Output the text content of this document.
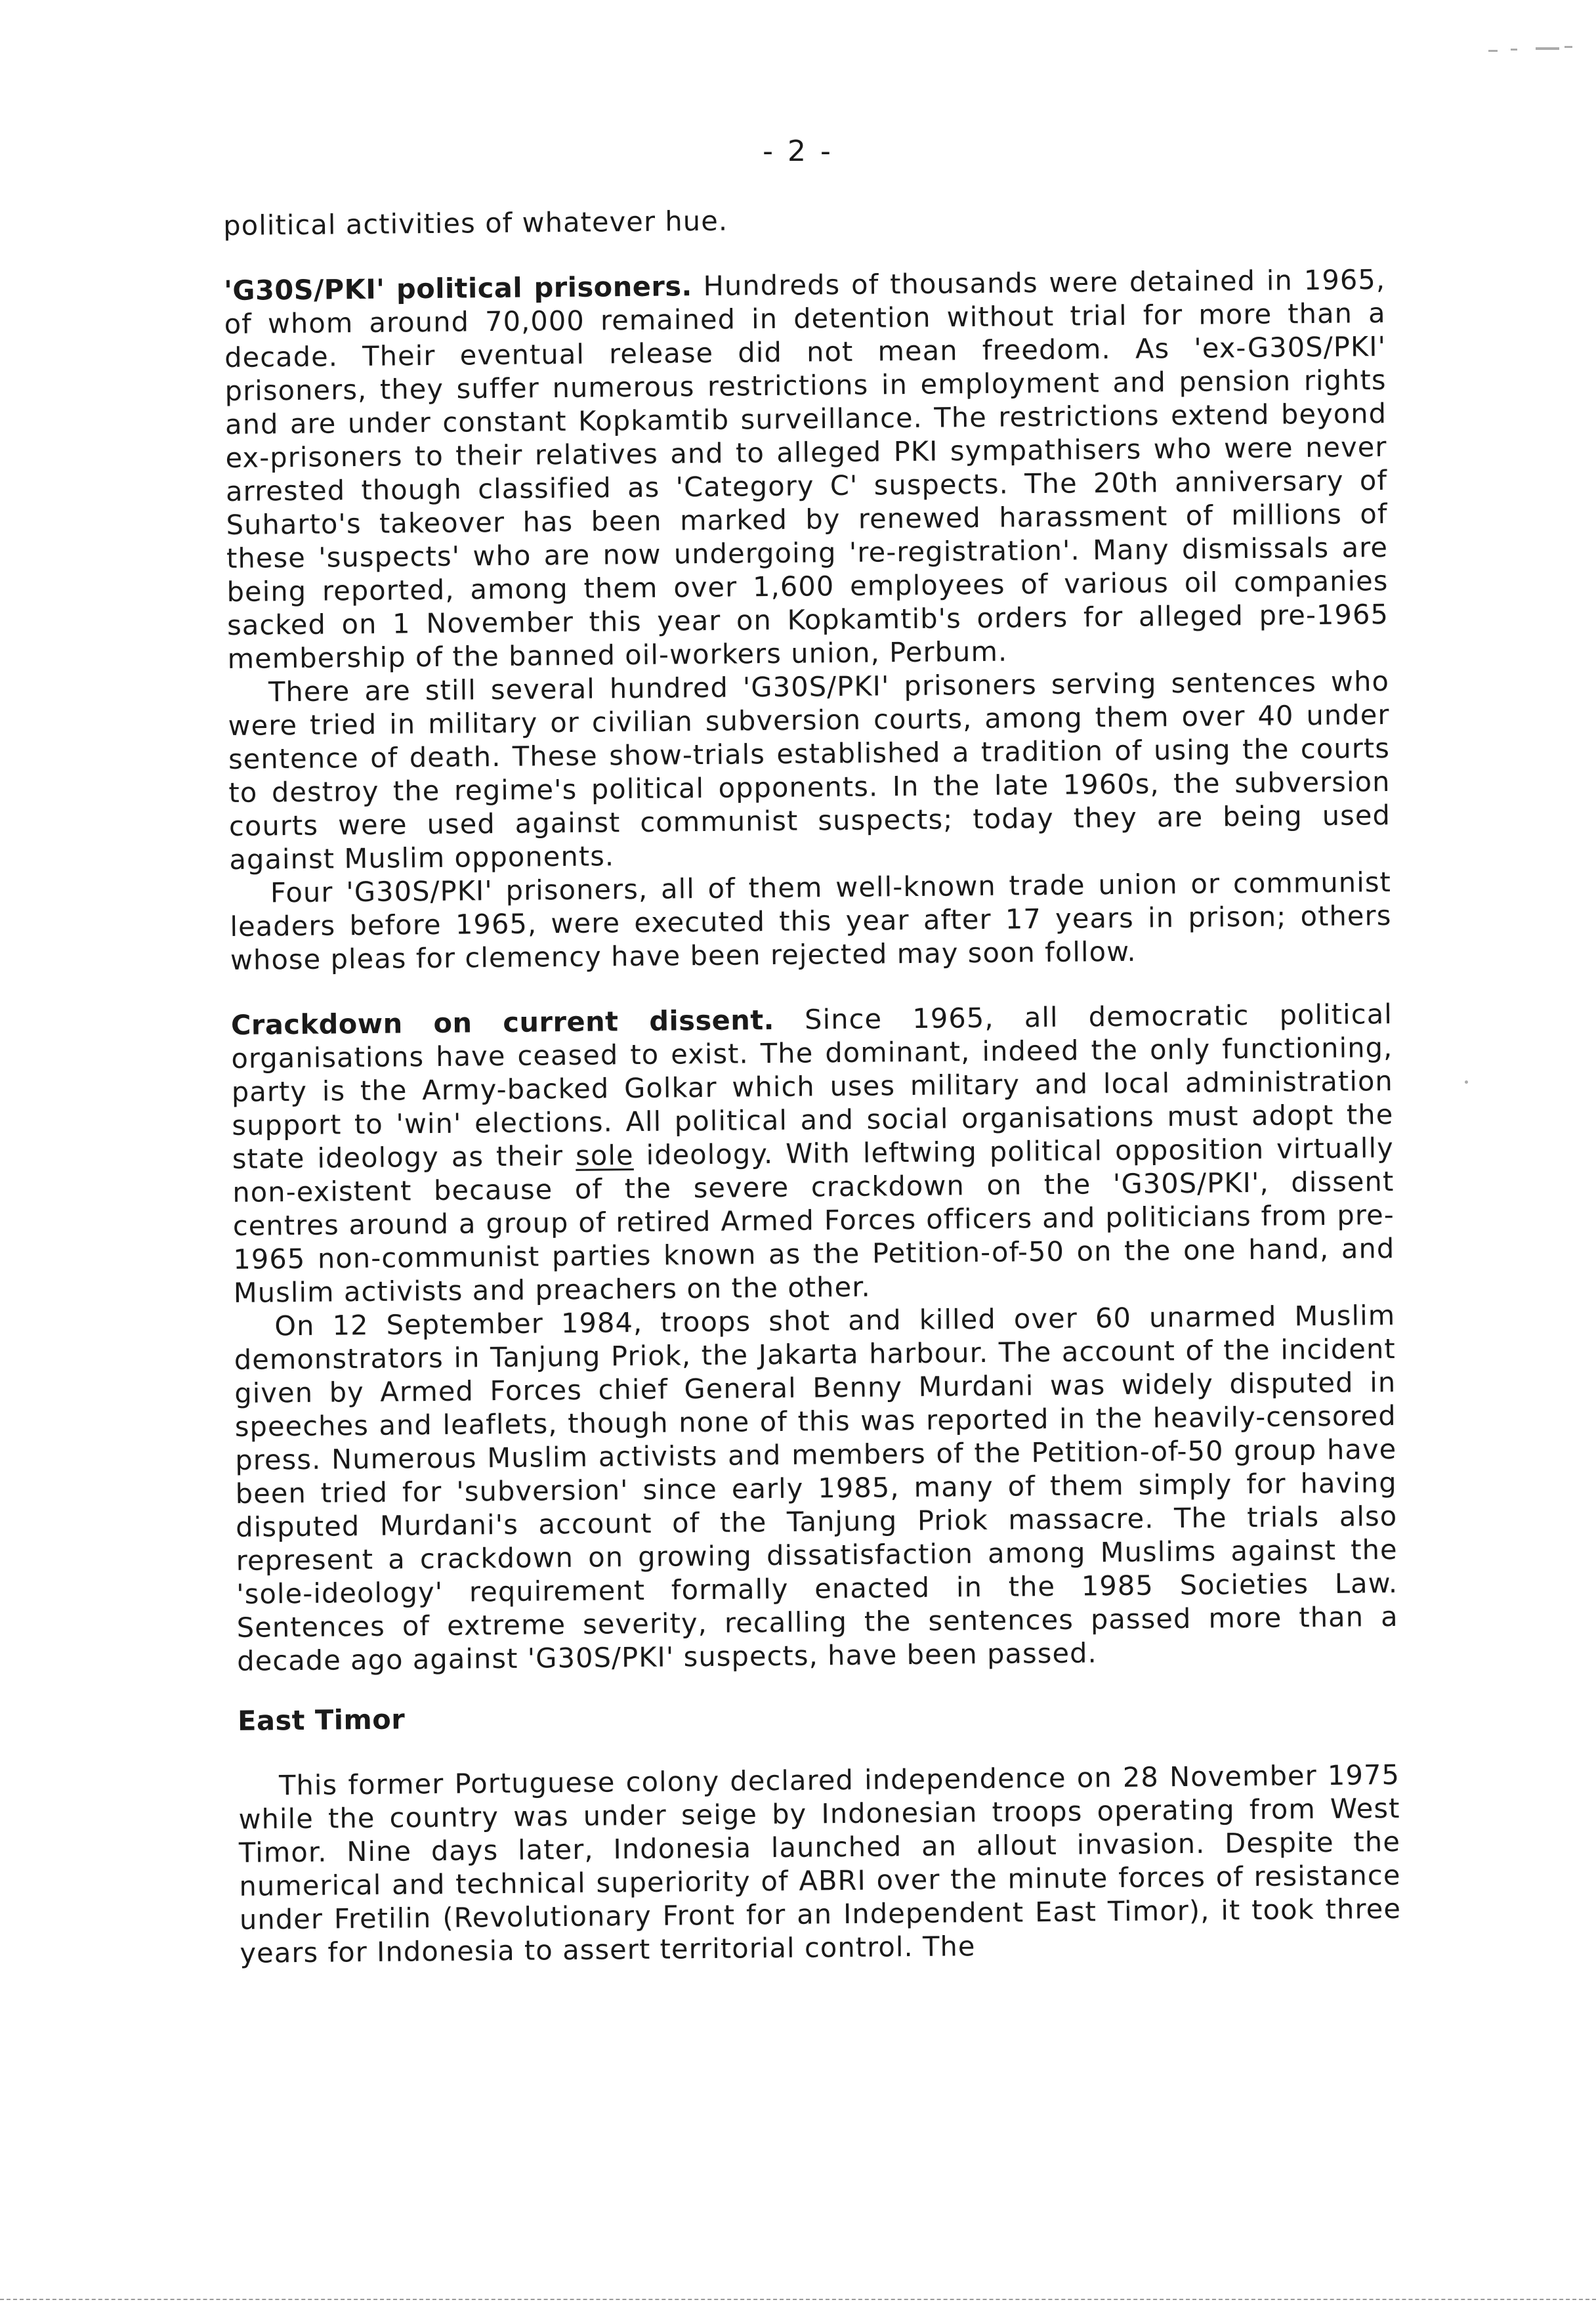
- 2 -

political activities of whatever hue.

'G30S/PKI' political prisoners. Hundreds of thousands were detained in 1965, of whom around 70,000 remained in detention without trial for more than a decade. Their eventual release did not mean freedom. As 'ex-G30S/PKI' prisoners, they suffer numerous restrictions in employment and pension rights and are under constant Kopkamtib surveillance. The restrictions extend beyond ex-prisoners to their relatives and to alleged PKI sympathisers who were never arrested though classified as 'Category C' suspects. The 20th anniversary of Suharto's takeover has been marked by renewed harassment of millions of these 'suspects' who are now undergoing 're-registration'. Many dismissals are being reported, among them over 1,600 employees of various oil companies sacked on 1 November this year on Kopkamtib's orders for alleged pre-1965 membership of the banned oil-workers union, Perbum.

There are still several hundred 'G30S/PKI' prisoners serving sentences who were tried in military or civilian subversion courts, among them over 40 under sentence of death. These show-trials established a tradition of using the courts to destroy the regime's political opponents. In the late 1960s, the subversion courts were used against communist suspects; today they are being used against Muslim opponents.

Four 'G30S/PKI' prisoners, all of them well-known trade union or communist leaders before 1965, were executed this year after 17 years in prison; others whose pleas for clemency have been rejected may soon follow.

Crackdown on current dissent. Since 1965, all democratic political organisations have ceased to exist. The dominant, indeed the only functioning, party is the Army-backed Golkar which uses military and local administration support to 'win' elections. All political and social organisations must adopt the state ideology as their sole ideology. With leftwing political opposition virtually non-existent because of the severe crackdown on the 'G30S/PKI', dissent centres around a group of retired Armed Forces officers and politicians from pre-1965 non-communist parties known as the Petition-of-50 on the one hand, and Muslim activists and preachers on the other.

On 12 September 1984, troops shot and killed over 60 unarmed Muslim demonstrators in Tanjung Priok, the Jakarta harbour. The account of the incident given by Armed Forces chief General Benny Murdani was widely disputed in speeches and leaflets, though none of this was reported in the heavily-censored press. Numerous Muslim activists and members of the Petition-of-50 group have been tried for 'subversion' since early 1985, many of them simply for having disputed Murdani's account of the Tanjung Priok massacre. The trials also represent a crackdown on growing dissatisfaction among Muslims against the 'sole-ideology' requirement formally enacted in the 1985 Societies Law. Sentences of extreme severity, recalling the sentences passed more than a decade ago against 'G30S/PKI' suspects, have been passed.

East Timor

This former Portuguese colony declared independence on 28 November 1975 while the country was under seige by Indonesian troops operating from West Timor. Nine days later, Indonesia launched an allout invasion. Despite the numerical and technical superiority of ABRI over the minute forces of resistance under Fretilin (Revolutionary Front for an Independent East Timor), it took three years for Indonesia to assert territorial control. The
